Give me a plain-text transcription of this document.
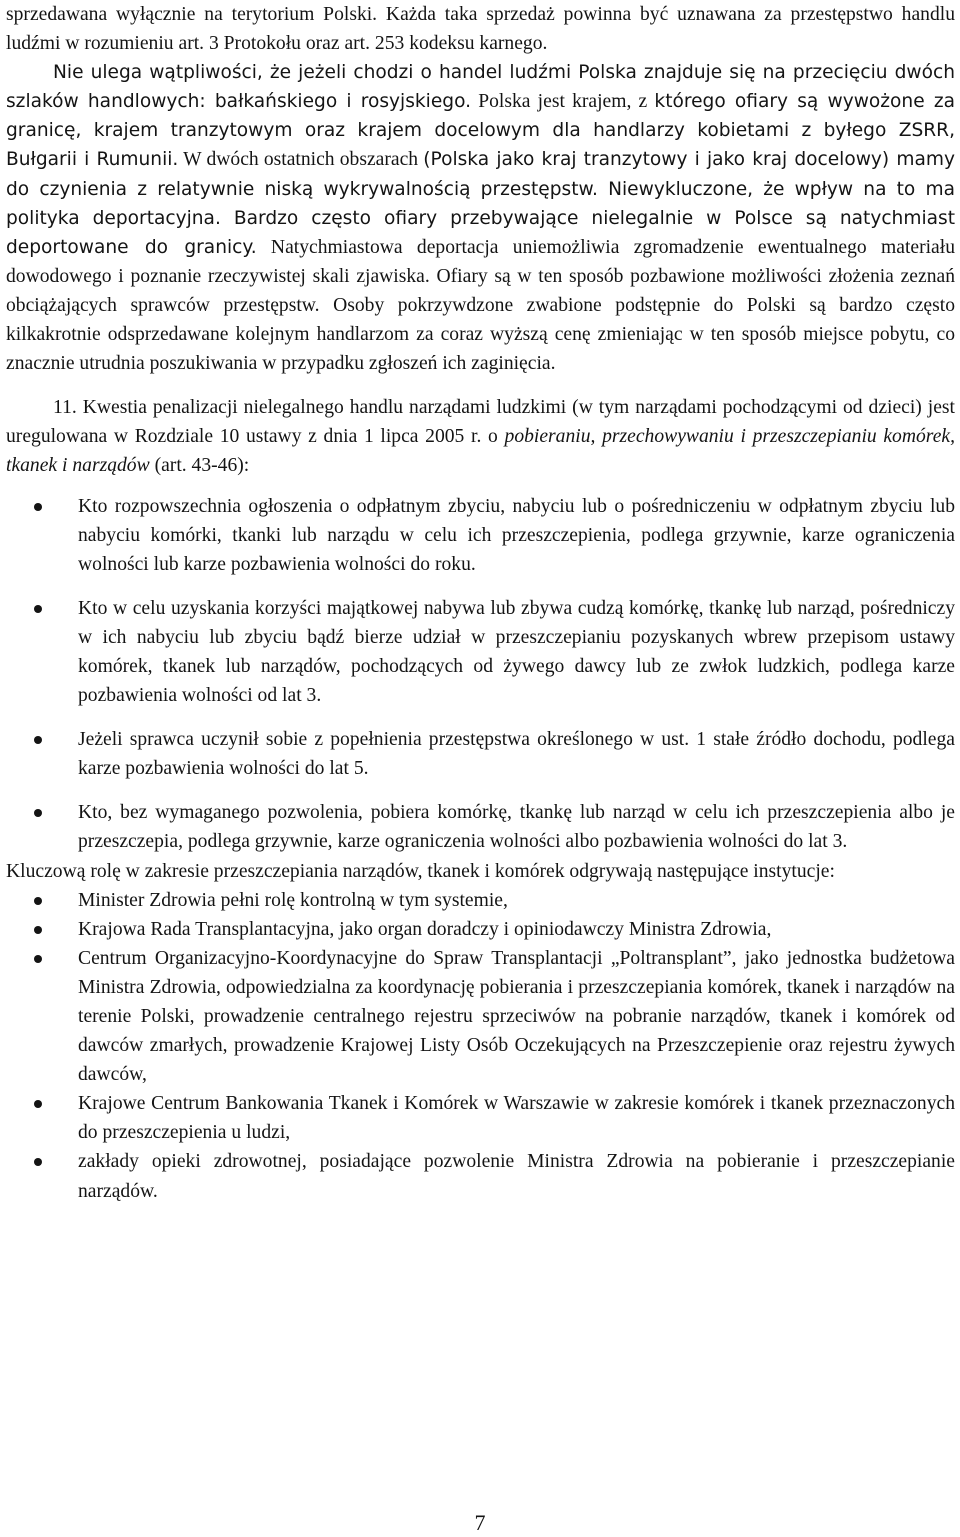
sprzedawana wyłącznie na terytorium Polski. Każda taka sprzedaż powinna być uznawana za przestępstwo handlu ludźmi w rozumieniu art. 3 Protokołu oraz art. 253 kodeksu karnego.

Nie ulega wątpliwości, że jeżeli chodzi o handel ludźmi Polska znajduje się na przecięciu dwóch szlaków handlowych: bałkańskiego i rosyjskiego. Polska jest krajem, z którego ofiary są wywożone za granicę, krajem tranzytowym oraz krajem docelowym dla handlarzy kobietami z byłego ZSRR, Bułgarii i Rumunii. W dwóch ostatnich obszarach (Polska jako kraj tranzytowy i jako kraj docelowy) mamy do czynienia z relatywnie niską wykrywalnością przestępstw. Niewykluczone, że wpływ na to ma polityka deportacyjna. Bardzo często ofiary przebywające nielegalnie w Polsce są natychmiast deportowane do granicy. Natychmiastowa deportacja uniemożliwia zgromadzenie ewentualnego materiału dowodowego i poznanie rzeczywistej skali zjawiska. Ofiary są w ten sposób pozbawione możliwości złożenia zeznań obciążających sprawców przestępstw. Osoby pokrzywdzone zwabione podstępnie do Polski są bardzo często kilkakrotnie odsprzedawane kolejnym handlarzom za coraz wyższą cenę zmieniając w ten sposób miejsce pobytu, co znacznie utrudnia poszukiwania w przypadku zgłoszeń ich zaginięcia.

11. Kwestia penalizacji nielegalnego handlu narządami ludzkimi (w tym narządami pochodzącymi od dzieci) jest uregulowana w Rozdziale 10 ustawy z dnia 1 lipca 2005 r. o pobieraniu, przechowywaniu i przeszczepianiu komórek, tkanek i narządów (art. 43-46):

Kto rozpowszechnia ogłoszenia o odpłatnym zbyciu, nabyciu lub o pośredniczeniu w odpłatnym zbyciu lub nabyciu komórki, tkanki lub narządu w celu ich przeszczepienia, podlega grzywnie, karze ograniczenia wolności lub karze pozbawienia wolności do roku.
Kto w celu uzyskania korzyści majątkowej nabywa lub zbywa cudzą komórkę, tkankę lub narząd, pośredniczy w ich nabyciu lub zbyciu bądź bierze udział w przeszczepianiu pozyskanych wbrew przepisom ustawy komórek, tkanek lub narządów, pochodzących od żywego dawcy lub ze zwłok ludzkich, podlega karze pozbawienia wolności od lat 3.
Jeżeli sprawca uczynił sobie z popełnienia przestępstwa określonego w ust. 1 stałe źródło dochodu, podlega karze pozbawienia wolności do lat 5.
Kto, bez wymaganego pozwolenia, pobiera komórkę, tkankę lub narząd w celu ich przeszczepienia albo je przeszczepia, podlega grzywnie, karze ograniczenia wolności albo pozbawienia wolności do lat 3.

Kluczową rolę w zakresie przeszczepiania narządów, tkanek i komórek odgrywają następujące instytucje:

Minister Zdrowia pełni rolę kontrolną w tym systemie,
Krajowa Rada Transplantacyjna, jako organ doradczy i opiniodawczy Ministra Zdrowia,
Centrum Organizacyjno-Koordynacyjne do Spraw Transplantacji „Poltransplant”, jako jednostka budżetowa Ministra Zdrowia, odpowiedzialna za koordynację pobierania i przeszczepiania komórek, tkanek i narządów na terenie Polski, prowadzenie centralnego rejestru sprzeciwów na pobranie narządów, tkanek i komórek od dawców zmarłych, prowadzenie Krajowej Listy Osób Oczekujących na Przeszczepienie oraz rejestru żywych dawców,
Krajowe Centrum Bankowania Tkanek i Komórek w Warszawie w zakresie komórek i tkanek przeznaczonych do przeszczepienia u ludzi,
zakłady opieki zdrowotnej, posiadające pozwolenie Ministra Zdrowia na pobieranie i przeszczepianie narządów.
7
